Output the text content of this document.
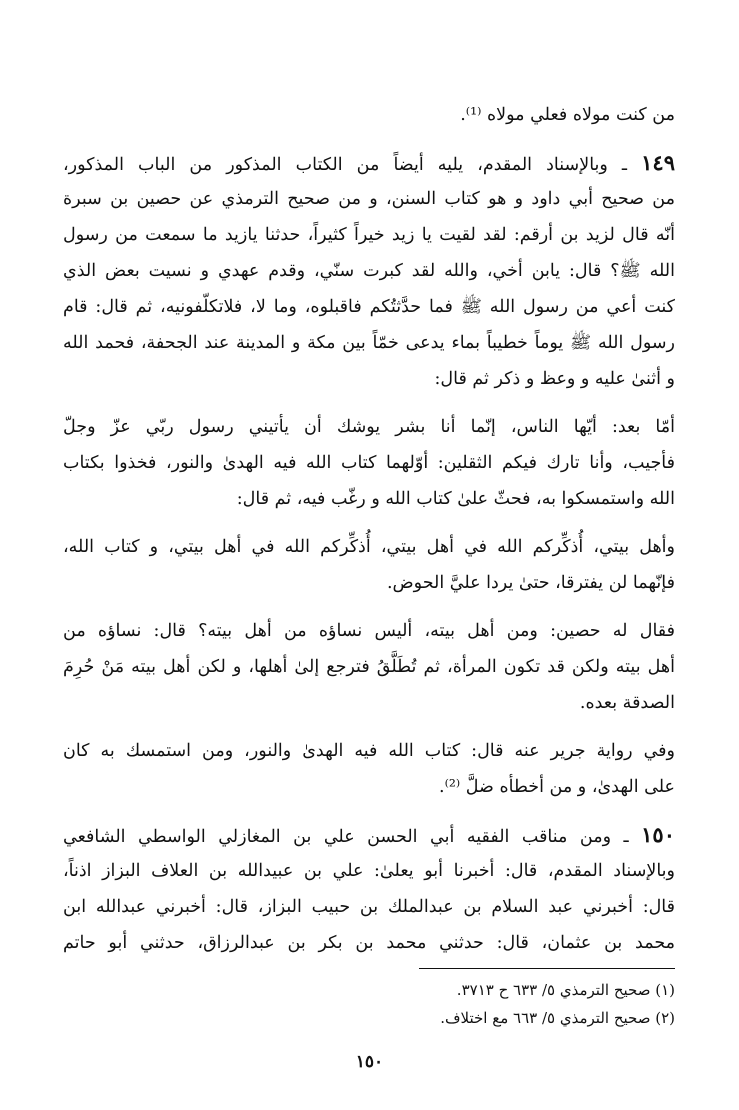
من كنت مولاه فعلي مولاه ⁽¹⁾.
١٤٩ ـ وبالإسناد المقدم، يليه أيضاً من الكتاب المذكور من الباب المذكور،
من صحيح أبي داود و هو كتاب السنن، و من صحيح الترمذي عن حصين بن سبرة
أنّه قال لزيد بن أرقم: لقد لقيت يا زيد خيراً كثيراً، حدثنا يازيد ما سمعت من رسول
الله ﷺ؟ قال: يابن أخي، والله لقد كبرت سنّي، وقدم عهدي و نسيت بعض الذي
كنت أعي من رسول الله ﷺ فما حدَّثتُكم فاقبلوه، وما لا، فلاتكلّفونيه، ثم قال: قام
رسول الله ﷺ يوماً خطيباً بماء يدعى خمّاً بين مكة و المدينة عند الجحفة، فحمد الله
و أثنىٰ عليه و وعظ و ذكر ثم قال:
أمّا بعد: أيّها الناس، إنّما أنا بشر يوشك أن يأتيني رسول ربّي عزّ وجلّ
فأجيب، وأنا تارك فيكم الثقلين: أوّلهما كتاب الله فيه الهدىٰ والنور، فخذوا بكتاب
الله واستمسكوا به، فحثّ علىٰ كتاب الله و رغّب فيه، ثم قال:
وأهل بيتي، أُذكِّركم الله في أهل بيتي، أُذكِّركم الله في أهل بيتي، و كتاب الله،
فإنّهما لن يفترقا، حتىٰ يردا عليَّ الحوض.
فقال له حصين: ومن أهل بيته، أليس نساؤه من أهل بيته؟ قال: نساؤه من
أهل بيته ولكن قد تكون المرأة، ثم تُطَلَّقُ فترجع إلىٰ أهلها، و لكن أهل بيته مَنْ حُرِمَ
الصدقة بعده.
وفي رواية جرير عنه قال: كتاب الله فيه الهدىٰ والنور، ومن استمسك به كان
على الهدىٰ، و من أخطأه ضلَّ ⁽²⁾.
١٥٠ ـ ومن مناقب الفقيه أبي الحسن علي بن المغازلي الواسطي الشافعي
وبالإسناد المقدم، قال: أخبرنا أبو يعلىٰ: علي بن عبيدالله بن العلاف البزاز اذناً،
قال: أخبرني عبد السلام بن عبدالملك بن حبيب البزاز، قال: أخبرني عبدالله ابن
محمد بن عثمان، قال: حدثني محمد بن بكر بن عبدالرزاق، حدثني أبو حاتم
(١) صحيح الترمذي ٥/ ٦٣٣ ح ٣٧١٣.
(٢) صحيح الترمذي ٥/ ٦٦٣ مع اختلاف.
١٥٠
